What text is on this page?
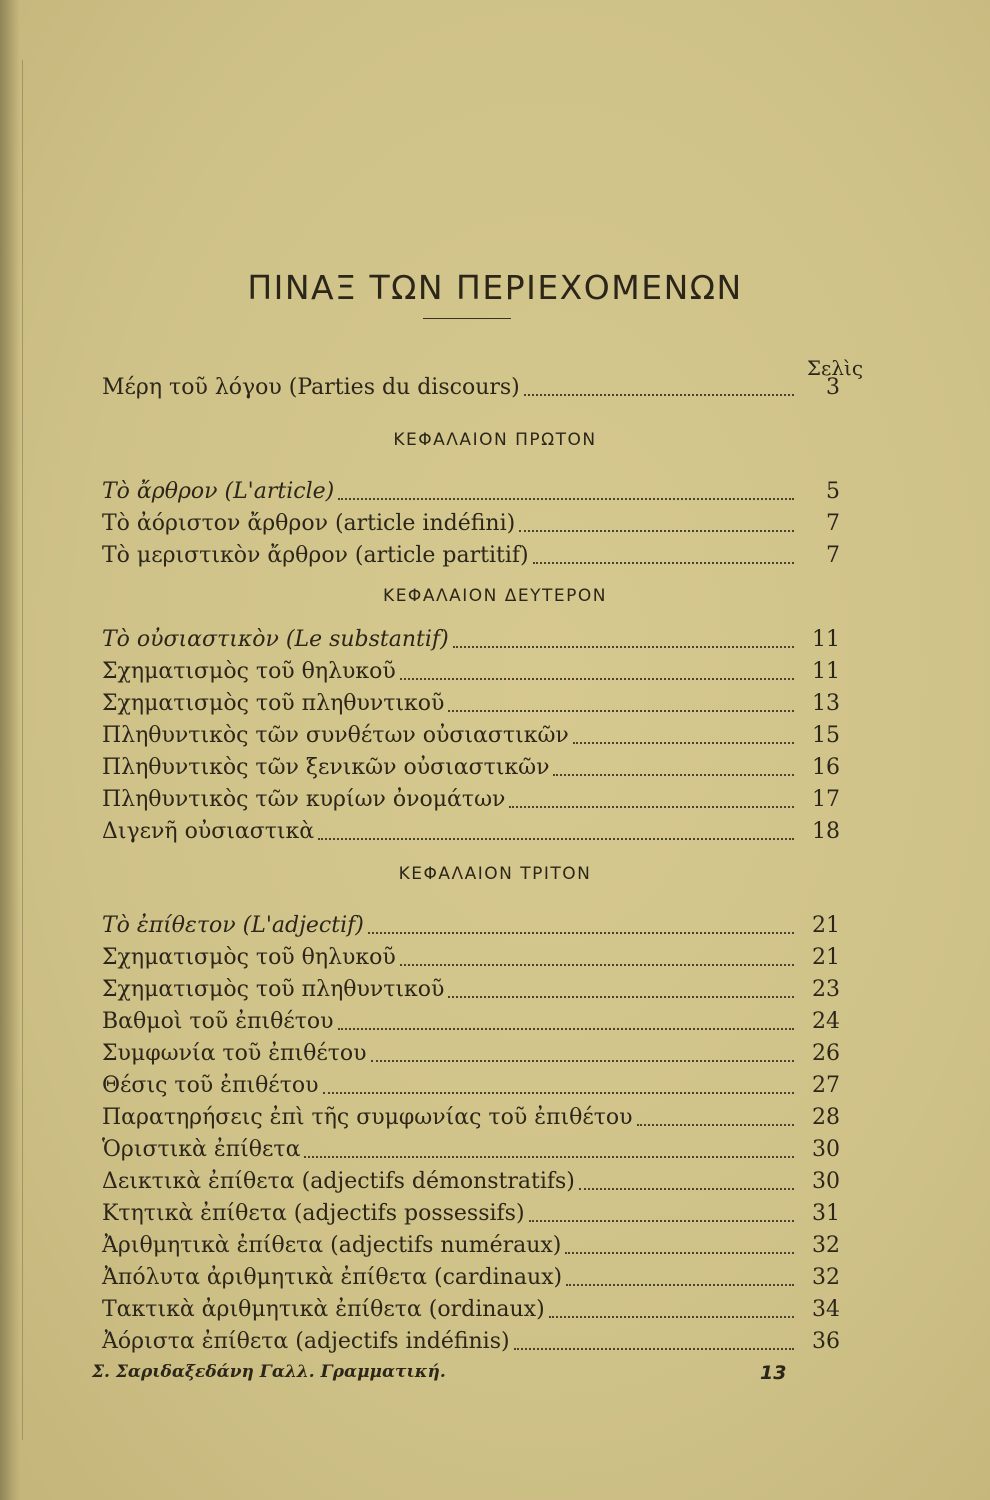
ΠΙΝΑΞ ΤΩΝ ΠΕΡΙΕΧΟΜΕΝΩΝ
Σελὶς
Μέρη τοῦ λόγου (Parties du discours)	3
ΚΕΦΑΛΑΙΟΝ ΠΡΩΤΟΝ
Τὸ ἄρθρον (L'article)	5
Τὸ ἀόριστον ἄρθρον (article indéfini)	7
Τὸ μεριστικὸν ἄρθρον (article partitif)	7
ΚΕΦΑΛΑΙΟΝ ΔΕΥΤΕΡΟΝ
Τὸ οὐσιαστικὸν (Le substantif)	11
Σχηματισμὸς τοῦ θηλυκοῦ	11
Σχηματισμὸς τοῦ πληθυντικοῦ	13
Πληθυντικὸς τῶν συνθέτων οὐσιαστικῶν	15
Πληθυντικὸς τῶν ξενικῶν οὐσιαστικῶν	16
Πληθυντικὸς τῶν κυρίων ὀνομάτων	17
Διγενῆ οὐσιαστικὰ	18
ΚΕΦΑΛΑΙΟΝ ΤΡΙΤΟΝ
Τὸ ἐπίθετον (L'adjectif)	21
Σχηματισμὸς τοῦ θηλυκοῦ	21
Σχηματισμὸς τοῦ πληθυντικοῦ	23
Βαθμοὶ τοῦ ἐπιθέτου	24
Συμφωνία τοῦ ἐπιθέτου	26
Θέσις τοῦ ἐπιθέτου	27
Παρατηρήσεις ἐπὶ τῆς συμφωνίας τοῦ ἐπιθέτου	28
Ὁριστικὰ ἐπίθετα	30
Δεικτικὰ ἐπίθετα (adjectifs démonstratifs)	30
Κτητικὰ ἐπίθετα (adjectifs possessifs)	31
Ἀριθμητικὰ ἐπίθετα (adjectifs numéraux)	32
Ἀπόλυτα ἀριθμητικὰ ἐπίθετα (cardinaux)	32
Τακτικὰ ἀριθμητικὰ ἐπίθετα (ordinaux)	34
Ἀόριστα ἐπίθετα (adjectifs indéfinis)	36
Σ. Σαριδαξεδάνη Γαλλ. Γραμματική.	13
